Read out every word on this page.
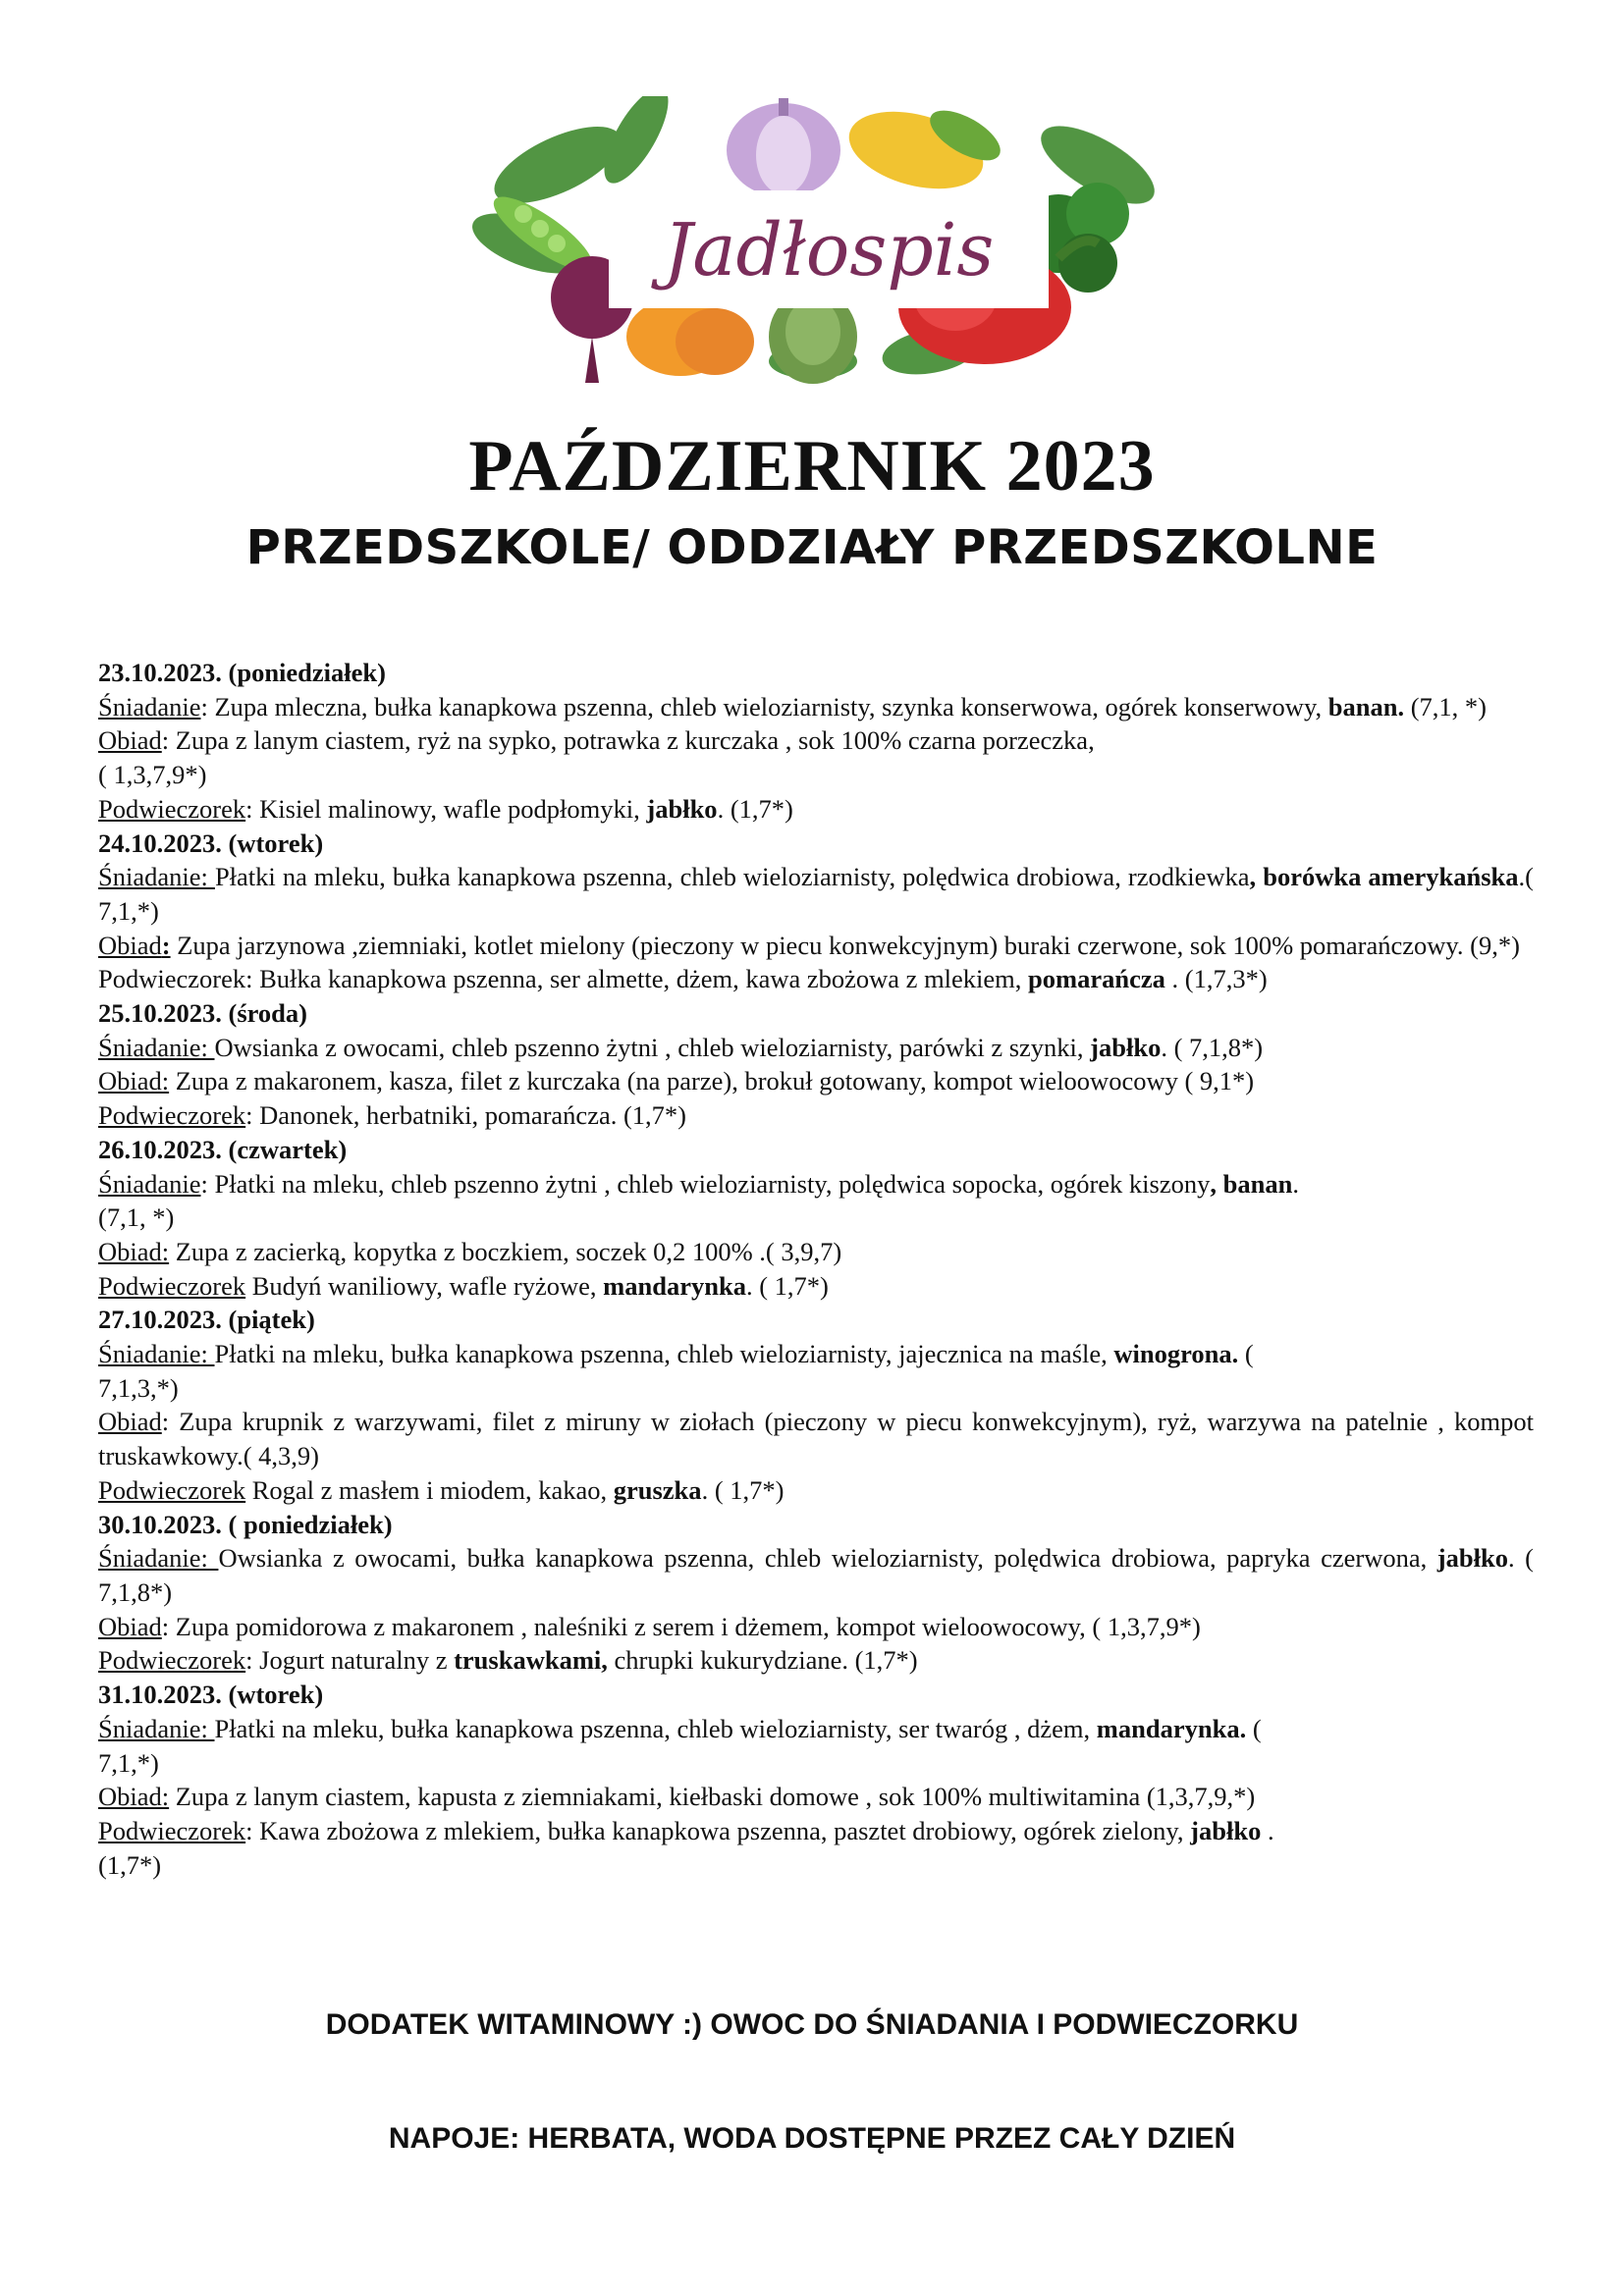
Jadłospis
PAŹDZIERNIK 2023
PRZEDSZKOLE/ ODDZIAŁY PRZEDSZKOLNE

23.10.2023. (poniedziałek)

Śniadanie: Zupa mleczna, bułka kanapkowa pszenna, chleb wieloziarnisty, szynka konserwowa, ogórek konserwowy, banan. (7,1, *)

Obiad: Zupa z lanym ciastem, ryż na sypko, potrawka z kurczaka , sok 100% czarna porzeczka,

( 1,3,7,9*)

Podwieczorek: Kisiel malinowy, wafle podpłomyki, jabłko. (1,7*)

24.10.2023. (wtorek)

Śniadanie: Płatki na mleku, bułka kanapkowa pszenna, chleb wieloziarnisty, polędwica drobiowa, rzodkiewka, borówka amerykańska.( 7,1,*)

Obiad: Zupa jarzynowa ,ziemniaki, kotlet mielony (pieczony w piecu konwekcyjnym) buraki czerwone, sok 100% pomarańczowy. (9,*)

Podwieczorek: Bułka kanapkowa pszenna, ser almette, dżem, kawa zbożowa z mlekiem, pomarańcza . (1,7,3*)

25.10.2023. (środa)

Śniadanie: Owsianka z owocami, chleb pszenno żytni , chleb wieloziarnisty, parówki z szynki, jabłko. ( 7,1,8*)

Obiad: Zupa z makaronem, kasza, filet z kurczaka (na parze), brokuł gotowany, kompot wieloowocowy ( 9,1*)

Podwieczorek: Danonek, herbatniki, pomarańcza. (1,7*)

26.10.2023. (czwartek)

Śniadanie: Płatki na mleku, chleb pszenno żytni , chleb wieloziarnisty, polędwica sopocka, ogórek kiszony, banan.

(7,1, *)

Obiad: Zupa z zacierką, kopytka z boczkiem, soczek 0,2 100% .( 3,9,7)

Podwieczorek Budyń waniliowy, wafle ryżowe, mandarynka. ( 1,7*)

27.10.2023. (piątek)

Śniadanie: Płatki na mleku, bułka kanapkowa pszenna, chleb wieloziarnisty, jajecznica na maśle, winogrona. (

7,1,3,*)

Obiad: Zupa krupnik z warzywami, filet z miruny w ziołach (pieczony w piecu konwekcyjnym), ryż, warzywa na patelnie , kompot truskawkowy.( 4,3,9)

Podwieczorek Rogal z masłem i miodem, kakao, gruszka. ( 1,7*)

30.10.2023. ( poniedziałek)

Śniadanie: Owsianka z owocami, bułka kanapkowa pszenna, chleb wieloziarnisty, polędwica drobiowa, papryka czerwona, jabłko. ( 7,1,8*)

Obiad: Zupa pomidorowa z makaronem , naleśniki z serem i dżemem, kompot wieloowocowy, ( 1,3,7,9*)

Podwieczorek: Jogurt naturalny z truskawkami, chrupki kukurydziane. (1,7*)

31.10.2023. (wtorek)

Śniadanie: Płatki na mleku, bułka kanapkowa pszenna, chleb wieloziarnisty, ser twaróg , dżem, mandarynka. (

7,1,*)

Obiad: Zupa z lanym ciastem, kapusta z ziemniakami, kiełbaski domowe , sok 100% multiwitamina (1,3,7,9,*)

Podwieczorek: Kawa zbożowa z mlekiem, bułka kanapkowa pszenna, pasztet drobiowy, ogórek zielony, jabłko .

(1,7*)

DODATEK WITAMINOWY :) OWOC DO ŚNIADANIA I PODWIECZORKU
NAPOJE: HERBATA, WODA DOSTĘPNE PRZEZ CAŁY DZIEŃ
